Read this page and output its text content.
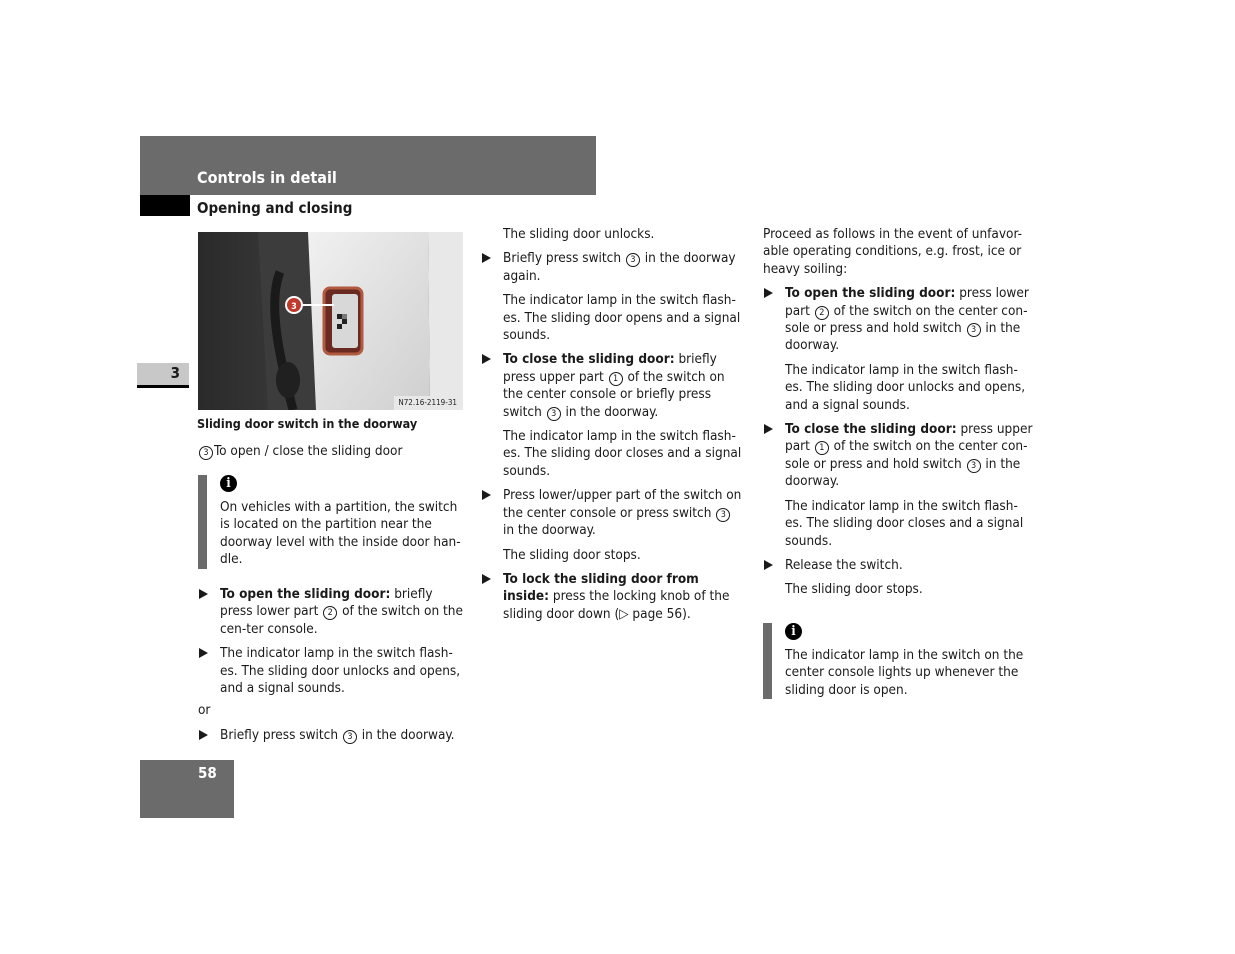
Controls in detail
Opening and closing
3
58
3
N72.16-2119-31
Sliding door switch in the doorway
3 To open / close the sliding door
i
On vehicles with a partition, the switch is located on the partition near the doorway level with the inside door han-dle.
To open the sliding door: briefly press lower part 2 of the switch on the cen-ter console.
The indicator lamp in the switch flash-es. The sliding door unlocks and opens, and a signal sounds.
or
Briefly press switch 3 in the doorway.
The sliding door unlocks.
Briefly press switch 3 in the doorway again.
The indicator lamp in the switch flash-es. The sliding door opens and a signal sounds.
To close the sliding door: briefly press upper part 1 of the switch on the center console or briefly press switch 3 in the doorway.
The indicator lamp in the switch flash-es. The sliding door closes and a signal sounds.
Press lower/upper part of the switch on the center console or press switch 3 in the doorway.
The sliding door stops.
To lock the sliding door from inside: press the locking knob of the sliding door down (▷ page 56).
Proceed as follows in the event of unfavor-able operating conditions, e.g. frost, ice or heavy soiling:
To open the sliding door: press lower part 2 of the switch on the center con-sole or press and hold switch 3 in the doorway.
The indicator lamp in the switch flash-es. The sliding door unlocks and opens, and a signal sounds.
To close the sliding door: press upper part 1 of the switch on the center con-sole or press and hold switch 3 in the doorway.
The indicator lamp in the switch flash-es. The sliding door closes and a signal sounds.
Release the switch.
The sliding door stops.
i
The indicator lamp in the switch on the center console lights up whenever the sliding door is open.
